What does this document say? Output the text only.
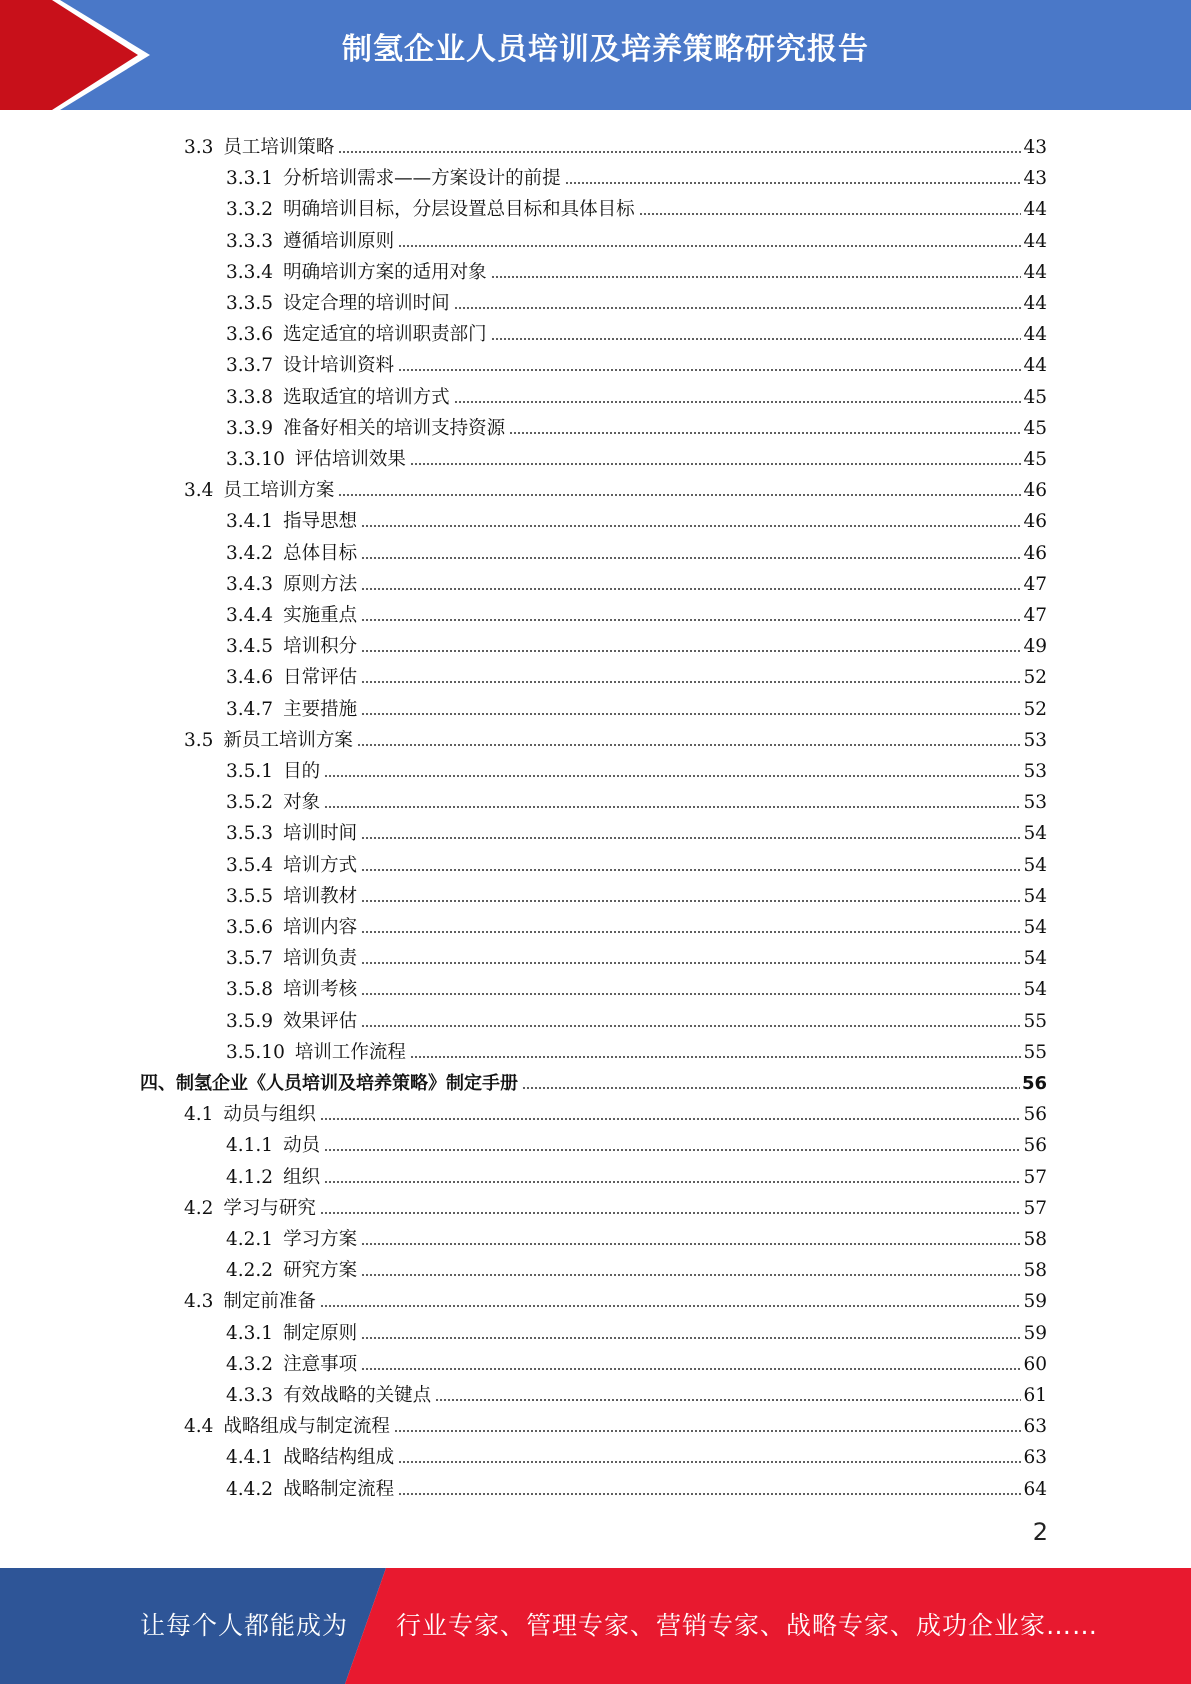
制氢企业人员培训及培养策略研究报告
3.3 员工培训策略	43
3.3.1 分析培训需求——方案设计的前提	43
3.3.2 明确培训目标，分层设置总目标和具体目标	44
3.3.3 遵循培训原则	44
3.3.4 明确培训方案的适用对象	44
3.3.5 设定合理的培训时间	44
3.3.6 选定适宜的培训职责部门	44
3.3.7 设计培训资料	44
3.3.8 选取适宜的培训方式	45
3.3.9 准备好相关的培训支持资源	45
3.3.10 评估培训效果	45
3.4 员工培训方案	46
3.4.1 指导思想	46
3.4.2 总体目标	46
3.4.3 原则方法	47
3.4.4 实施重点	47
3.4.5 培训积分	49
3.4.6 日常评估	52
3.4.7 主要措施	52
3.5 新员工培训方案	53
3.5.1 目的	53
3.5.2 对象	53
3.5.3 培训时间	54
3.5.4 培训方式	54
3.5.5 培训教材	54
3.5.6 培训内容	54
3.5.7 培训负责	54
3.5.8 培训考核	54
3.5.9 效果评估	55
3.5.10 培训工作流程	55
四、制氢企业《人员培训及培养策略》制定手册	56
4.1 动员与组织	56
4.1.1 动员	56
4.1.2 组织	57
4.2 学习与研究	57
4.2.1 学习方案	58
4.2.2 研究方案	58
4.3 制定前准备	59
4.3.1 制定原则	59
4.3.2 注意事项	60
4.3.3 有效战略的关键点	61
4.4 战略组成与制定流程	63
4.4.1 战略结构组成	63
4.4.2 战略制定流程	64
2
让每个人都能成为 行业专家、管理专家、营销专家、战略专家、成功企业家……
